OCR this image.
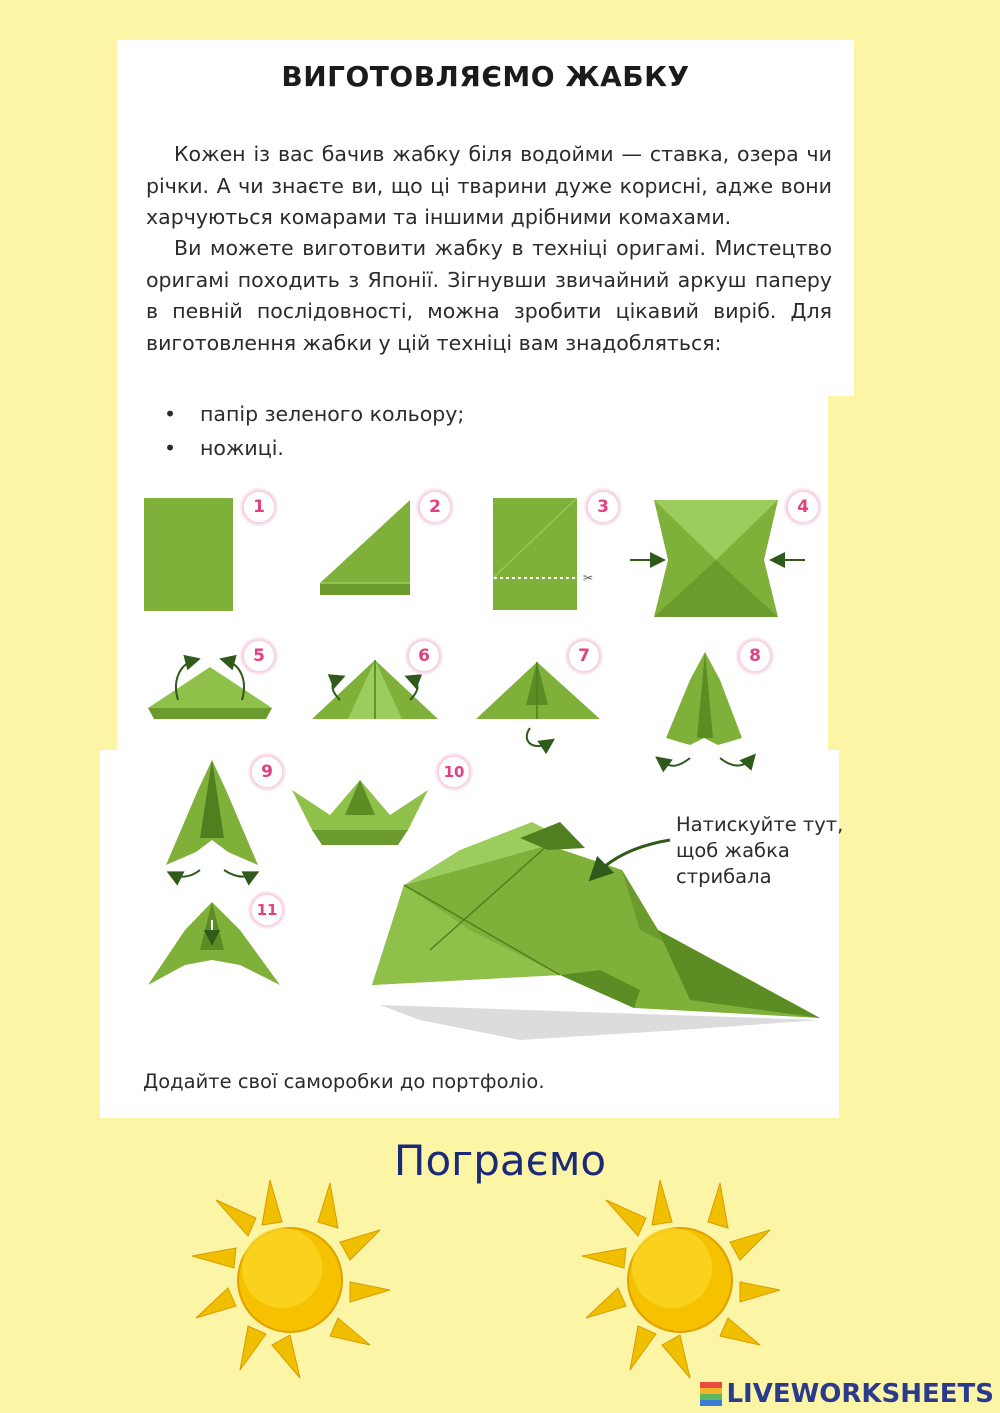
ВИГОТОВЛЯЄМО ЖАБКУ

Кожен із вас бачив жабку біля водойми — ставка, озера чи річки. А чи знаєте ви, що ці тварини дуже корисні, адже вони харчуються комарами та іншими дрібними комахами.

Ви можете виготовити жабку в техніці оригамі. Мистецтво оригамі походить з Японії. Зігнувши звичайний аркуш паперу в певній послідовності, можна зробити цікавий виріб. Для виготовлення жабки у цій техніці вам знадобляться:

• папір зеленого кольору;
• ножиці.
✂
1	2	3	4
5	6	7	8
9	10
11

Натискуйте тут, щоб жабка стрибала

Додайте свої саморобки до портфоліо.
Пограємо
LIVEWORKSHEETS
